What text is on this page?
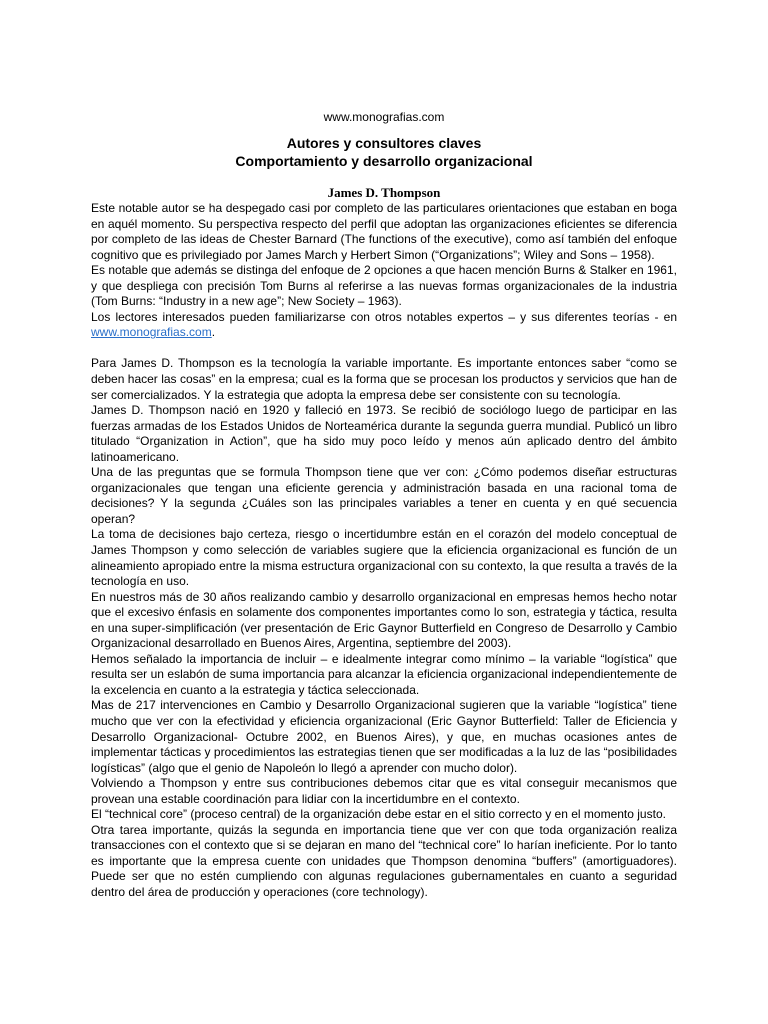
www.monografias.com
Autores y consultores claves
Comportamiento y desarrollo organizacional
James D. Thompson

Este notable autor se ha despegado casi por completo de las particulares orientaciones que estaban en boga en aquél momento. Su perspectiva respecto del perfil que adoptan las organizaciones eficientes se diferencia por completo de las ideas de Chester Barnard (The functions of the executive), como así también del enfoque cognitivo que es privilegiado por James March y Herbert Simon (“Organizations”; Wiley and Sons – 1958).

Es notable que además se distinga del enfoque de 2 opciones a que hacen mención Burns & Stalker en 1961, y que despliega con precisión Tom Burns al referirse a las nuevas formas organizacionales de la industria (Tom Burns: “Industry in a new age”; New Society – 1963).

Los lectores interesados pueden familiarizarse con otros notables expertos – y sus diferentes teorías - en www.monografias.com.

Para James D. Thompson es la tecnología la variable importante. Es importante entonces saber “como se deben hacer las cosas” en la empresa; cual es la forma que se procesan los productos y servicios que han de ser comercializados. Y la estrategia que adopta la empresa debe ser consistente con su tecnología.

James D. Thompson nació en 1920 y falleció en 1973. Se recibió de sociólogo luego de participar en las fuerzas armadas de los Estados Unidos de Norteamérica durante la segunda guerra mundial. Publicó un libro titulado “Organization in Action”, que ha sido muy poco leído y menos aún aplicado dentro del ámbito latinoamericano.

Una de las preguntas que se formula Thompson tiene que ver con: ¿Cómo podemos diseñar estructuras organizacionales que tengan una eficiente gerencia y administración basada en una racional toma de decisiones? Y la segunda ¿Cuáles son las principales variables a tener en cuenta y en qué secuencia operan?

La toma de decisiones bajo certeza, riesgo o incertidumbre están en el corazón del modelo conceptual de James Thompson y como selección de variables sugiere que la eficiencia organizacional es función de un alineamiento apropiado entre la misma estructura organizacional con su contexto, la que resulta a través de la tecnología en uso.

En nuestros más de 30 años realizando cambio y desarrollo organizacional en empresas hemos hecho notar que el excesivo énfasis en solamente dos componentes importantes como lo son, estrategia y táctica, resulta en una super-simplificación (ver presentación de Eric Gaynor Butterfield en Congreso de Desarrollo y Cambio Organizacional desarrollado en Buenos Aires, Argentina, septiembre del 2003).

Hemos señalado la importancia de incluir – e idealmente integrar como mínimo – la variable “logística” que resulta ser un eslabón de suma importancia para alcanzar la eficiencia organizacional independientemente de la excelencia en cuanto a la estrategia y táctica seleccionada.

Mas de 217 intervenciones en Cambio y Desarrollo Organizacional sugieren que la variable “logística” tiene mucho que ver con la efectividad y eficiencia organizacional (Eric Gaynor Butterfield: Taller de Eficiencia y Desarrollo Organizacional- Octubre 2002, en Buenos Aires), y que, en muchas ocasiones antes de implementar tácticas y procedimientos las estrategias tienen que ser modificadas a la luz de las “posibilidades logísticas” (algo que el genio de Napoleón lo llegó a aprender con mucho dolor).

Volviendo a Thompson y entre sus contribuciones debemos citar que es vital conseguir mecanismos que provean una estable coordinación para lidiar con la incertidumbre en el contexto.

El “technical core” (proceso central) de la organización debe estar en el sitio correcto y en el momento justo.

Otra tarea importante, quizás la segunda en importancia tiene que ver con que toda organización realiza transacciones con el contexto que si se dejaran en mano del “technical core” lo harían ineficiente. Por lo tanto es importante que la empresa cuente con unidades que Thompson denomina “buffers” (amortiguadores). Puede ser que no estén cumpliendo con algunas regulaciones gubernamentales en cuanto a seguridad dentro del área de producción y operaciones (core technology).
